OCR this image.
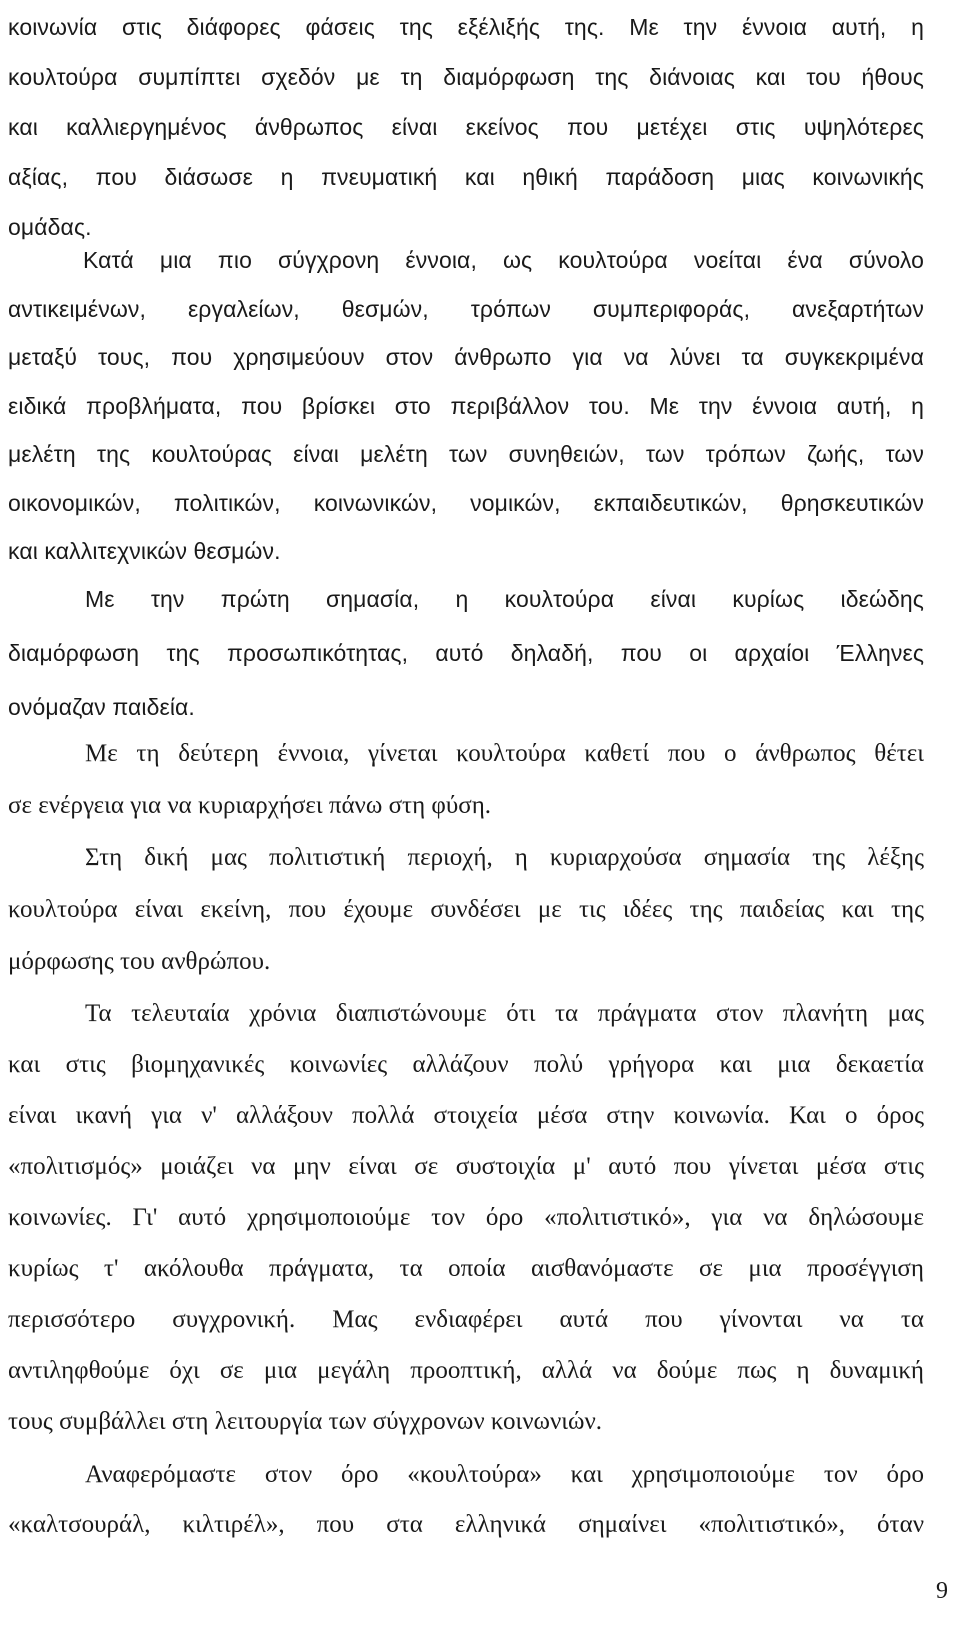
κοινωνία στις διάφορες φάσεις της εξέλιξής της. Με την έννοια αυτή, η
κουλτούρα συμπίπτει σχεδόν με τη διαμόρφωση της διάνοιας και του ήθους
και καλλιεργημένος άνθρωπος είναι εκείνος που μετέχει στις υψηλότερες
αξίας, που διάσωσε η πνευματική και ηθική παράδοση μιας κοινωνικής
ομάδας.
Κατά μια πιο σύγχρονη έννοια, ως κουλτούρα νοείται ένα σύνολο
αντικειμένων, εργαλείων, θεσμών, τρόπων συμπεριφοράς, ανεξαρτήτων
μεταξύ τους, που χρησιμεύουν στον άνθρωπο για να λύνει τα συγκεκριμένα
ειδικά προβλήματα, που βρίσκει στο περιβάλλον του. Με την έννοια αυτή, η
μελέτη της κουλτούρας είναι μελέτη των συνηθειών, των τρόπων ζωής, των
οικονομικών, πολιτικών, κοινωνικών, νομικών, εκπαιδευτικών, θρησκευτικών
και καλλιτεχνικών θεσμών.
Με την πρώτη σημασία, η κουλτούρα είναι κυρίως ιδεώδης
διαμόρφωση της προσωπικότητας, αυτό δηλαδή, που οι αρχαίοι Έλληνες
ονόμαζαν παιδεία.
Με τη δεύτερη έννοια, γίνεται κουλτούρα καθετί που ο άνθρωπος θέτει
σε ενέργεια για να κυριαρχήσει πάνω στη φύση.
Στη δική μας πολιτιστική περιοχή, η κυριαρχούσα σημασία της λέξης
κουλτούρα είναι εκείνη, που έχουμε συνδέσει με τις ιδέες της παιδείας και της
μόρφωσης του ανθρώπου.
Τα τελευταία χρόνια διαπιστώνουμε ότι τα πράγματα στον πλανήτη μας
και στις βιομηχανικές κοινωνίες αλλάζουν πολύ γρήγορα και μια δεκαετία
είναι ικανή για ν' αλλάξουν πολλά στοιχεία μέσα στην κοινωνία. Και ο όρος
«πολιτισμός» μοιάζει να μην είναι σε συστοιχία μ' αυτό που γίνεται μέσα στις
κοινωνίες. Γι' αυτό χρησιμοποιούμε τον όρο «πολιτιστικό», για να δηλώσουμε
κυρίως τ' ακόλουθα πράγματα, τα οποία αισθανόμαστε σε μια προσέγγιση
περισσότερο συγχρονική. Μας ενδιαφέρει αυτά που γίνονται να τα
αντιληφθούμε όχι σε μια μεγάλη προοπτική, αλλά να δούμε πως η δυναμική
τους συμβάλλει στη λειτουργία των σύγχρονων κοινωνιών.
Αναφερόμαστε στον όρο «κουλτούρα» και χρησιμοποιούμε τον όρο
«καλτσουράλ, κιλτιρέλ», που στα ελληνικά σημαίνει «πολιτιστικό», όταν
9
